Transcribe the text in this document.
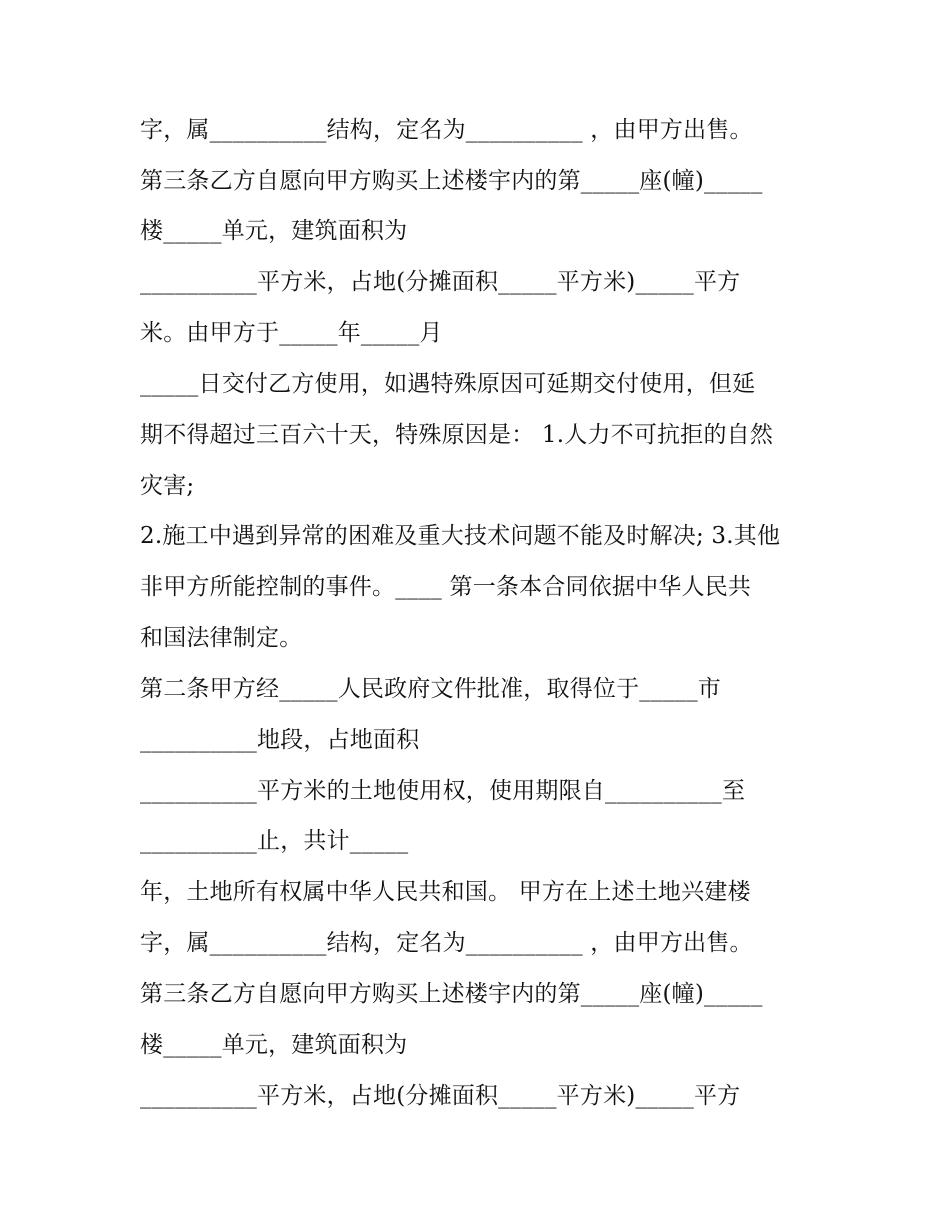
字，属__________结构，定名为__________ ，由甲方出售。
第三条乙方自愿向甲方购买上述楼宇内的第_____座(幢)_____
楼_____单元，建筑面积为
__________平方米，占地(分摊面积_____平方米)_____平方
米。由甲方于_____年_____月
_____日交付乙方使用，如遇特殊原因可延期交付使用，但延
期不得超过三百六十天，特殊原因是： 1.人力不可抗拒的自然
灾害;
2.施工中遇到异常的困难及重大技术问题不能及时解决; 3.其他
非甲方所能控制的事件。____ 第一条本合同依据中华人民共
和国法律制定。
第二条甲方经_____人民政府文件批准，取得位于_____市
__________地段，占地面积
__________平方米的土地使用权，使用期限自__________至
__________止，共计_____
年，土地所有权属中华人民共和国。 甲方在上述土地兴建楼
字，属__________结构，定名为__________ ，由甲方出售。
第三条乙方自愿向甲方购买上述楼宇内的第_____座(幢)_____
楼_____单元，建筑面积为
__________平方米，占地(分摊面积_____平方米)_____平方
